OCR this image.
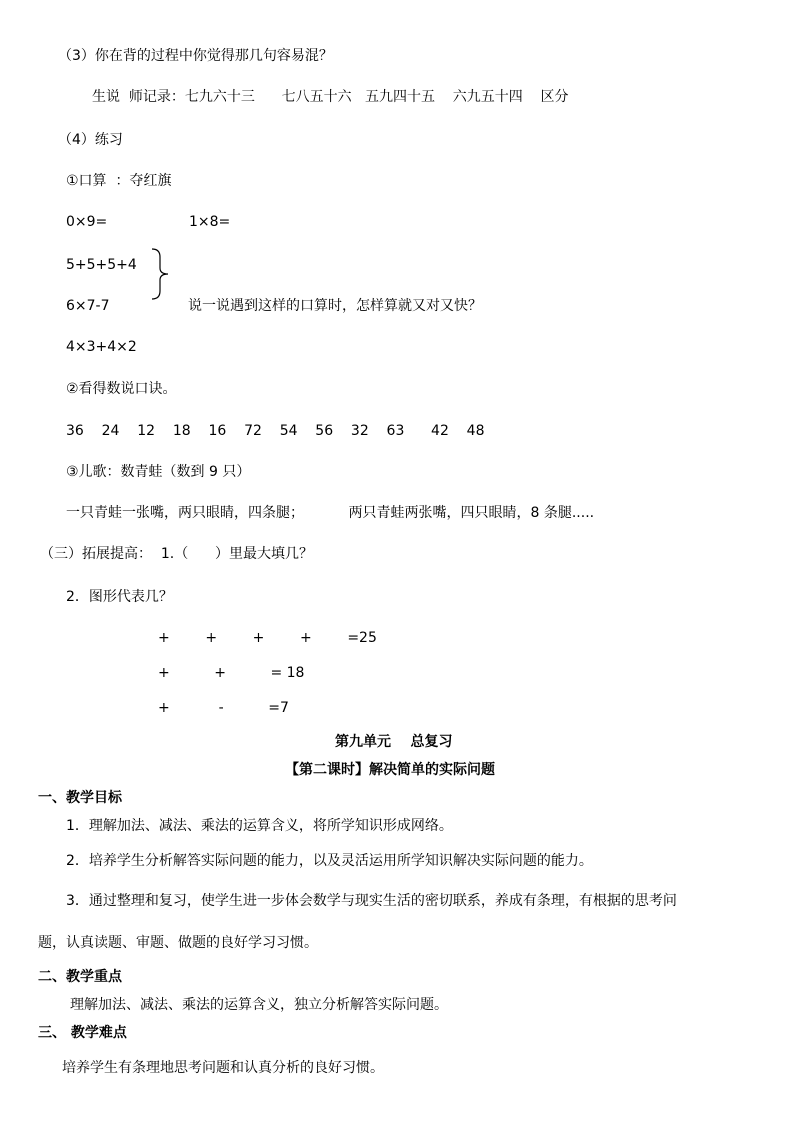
（3）你在背的过程中你觉得那几句容易混？
生说  师记录：七九六十三      七八五十六   五九四十五    六九五十四    区分
（4）练习
①口算  ：夺红旗
0×9=	1×8=
5+5+5+4
6×7-7	说一说遇到这样的口算时，怎样算就又对又快？
4×3+4×2
②看得数说口诀。
36    24    12    18    16    72    54    56    32    63      42    48
③儿歌：数青蛙（数到 9 只）
一只青蛙一张嘴，两只眼睛，四条腿；          两只青蛙两张嘴，四只眼睛，8 条腿.....
（三）拓展提高：  1.（      ）里最大填几？
2．图形代表几？
+        +        +        +        =25
+          +          = 18
+           -          =7
第九单元    总复习
【第二课时】解决简单的实际问题
一、教学目标
1．理解加法、减法、乘法的运算含义，将所学知识形成网络。
2．培养学生分析解答实际问题的能力，以及灵活运用所学知识解决实际问题的能力。
3．通过整理和复习，使学生进一步体会数学与现实生活的密切联系，养成有条理，有根据的思考问
题，认真读题、审题、做题的良好学习习惯。
二、教学重点
理解加法、减法、乘法的运算含义，独立分析解答实际问题。
三、 教学难点
培养学生有条理地思考问题和认真分析的良好习惯。
